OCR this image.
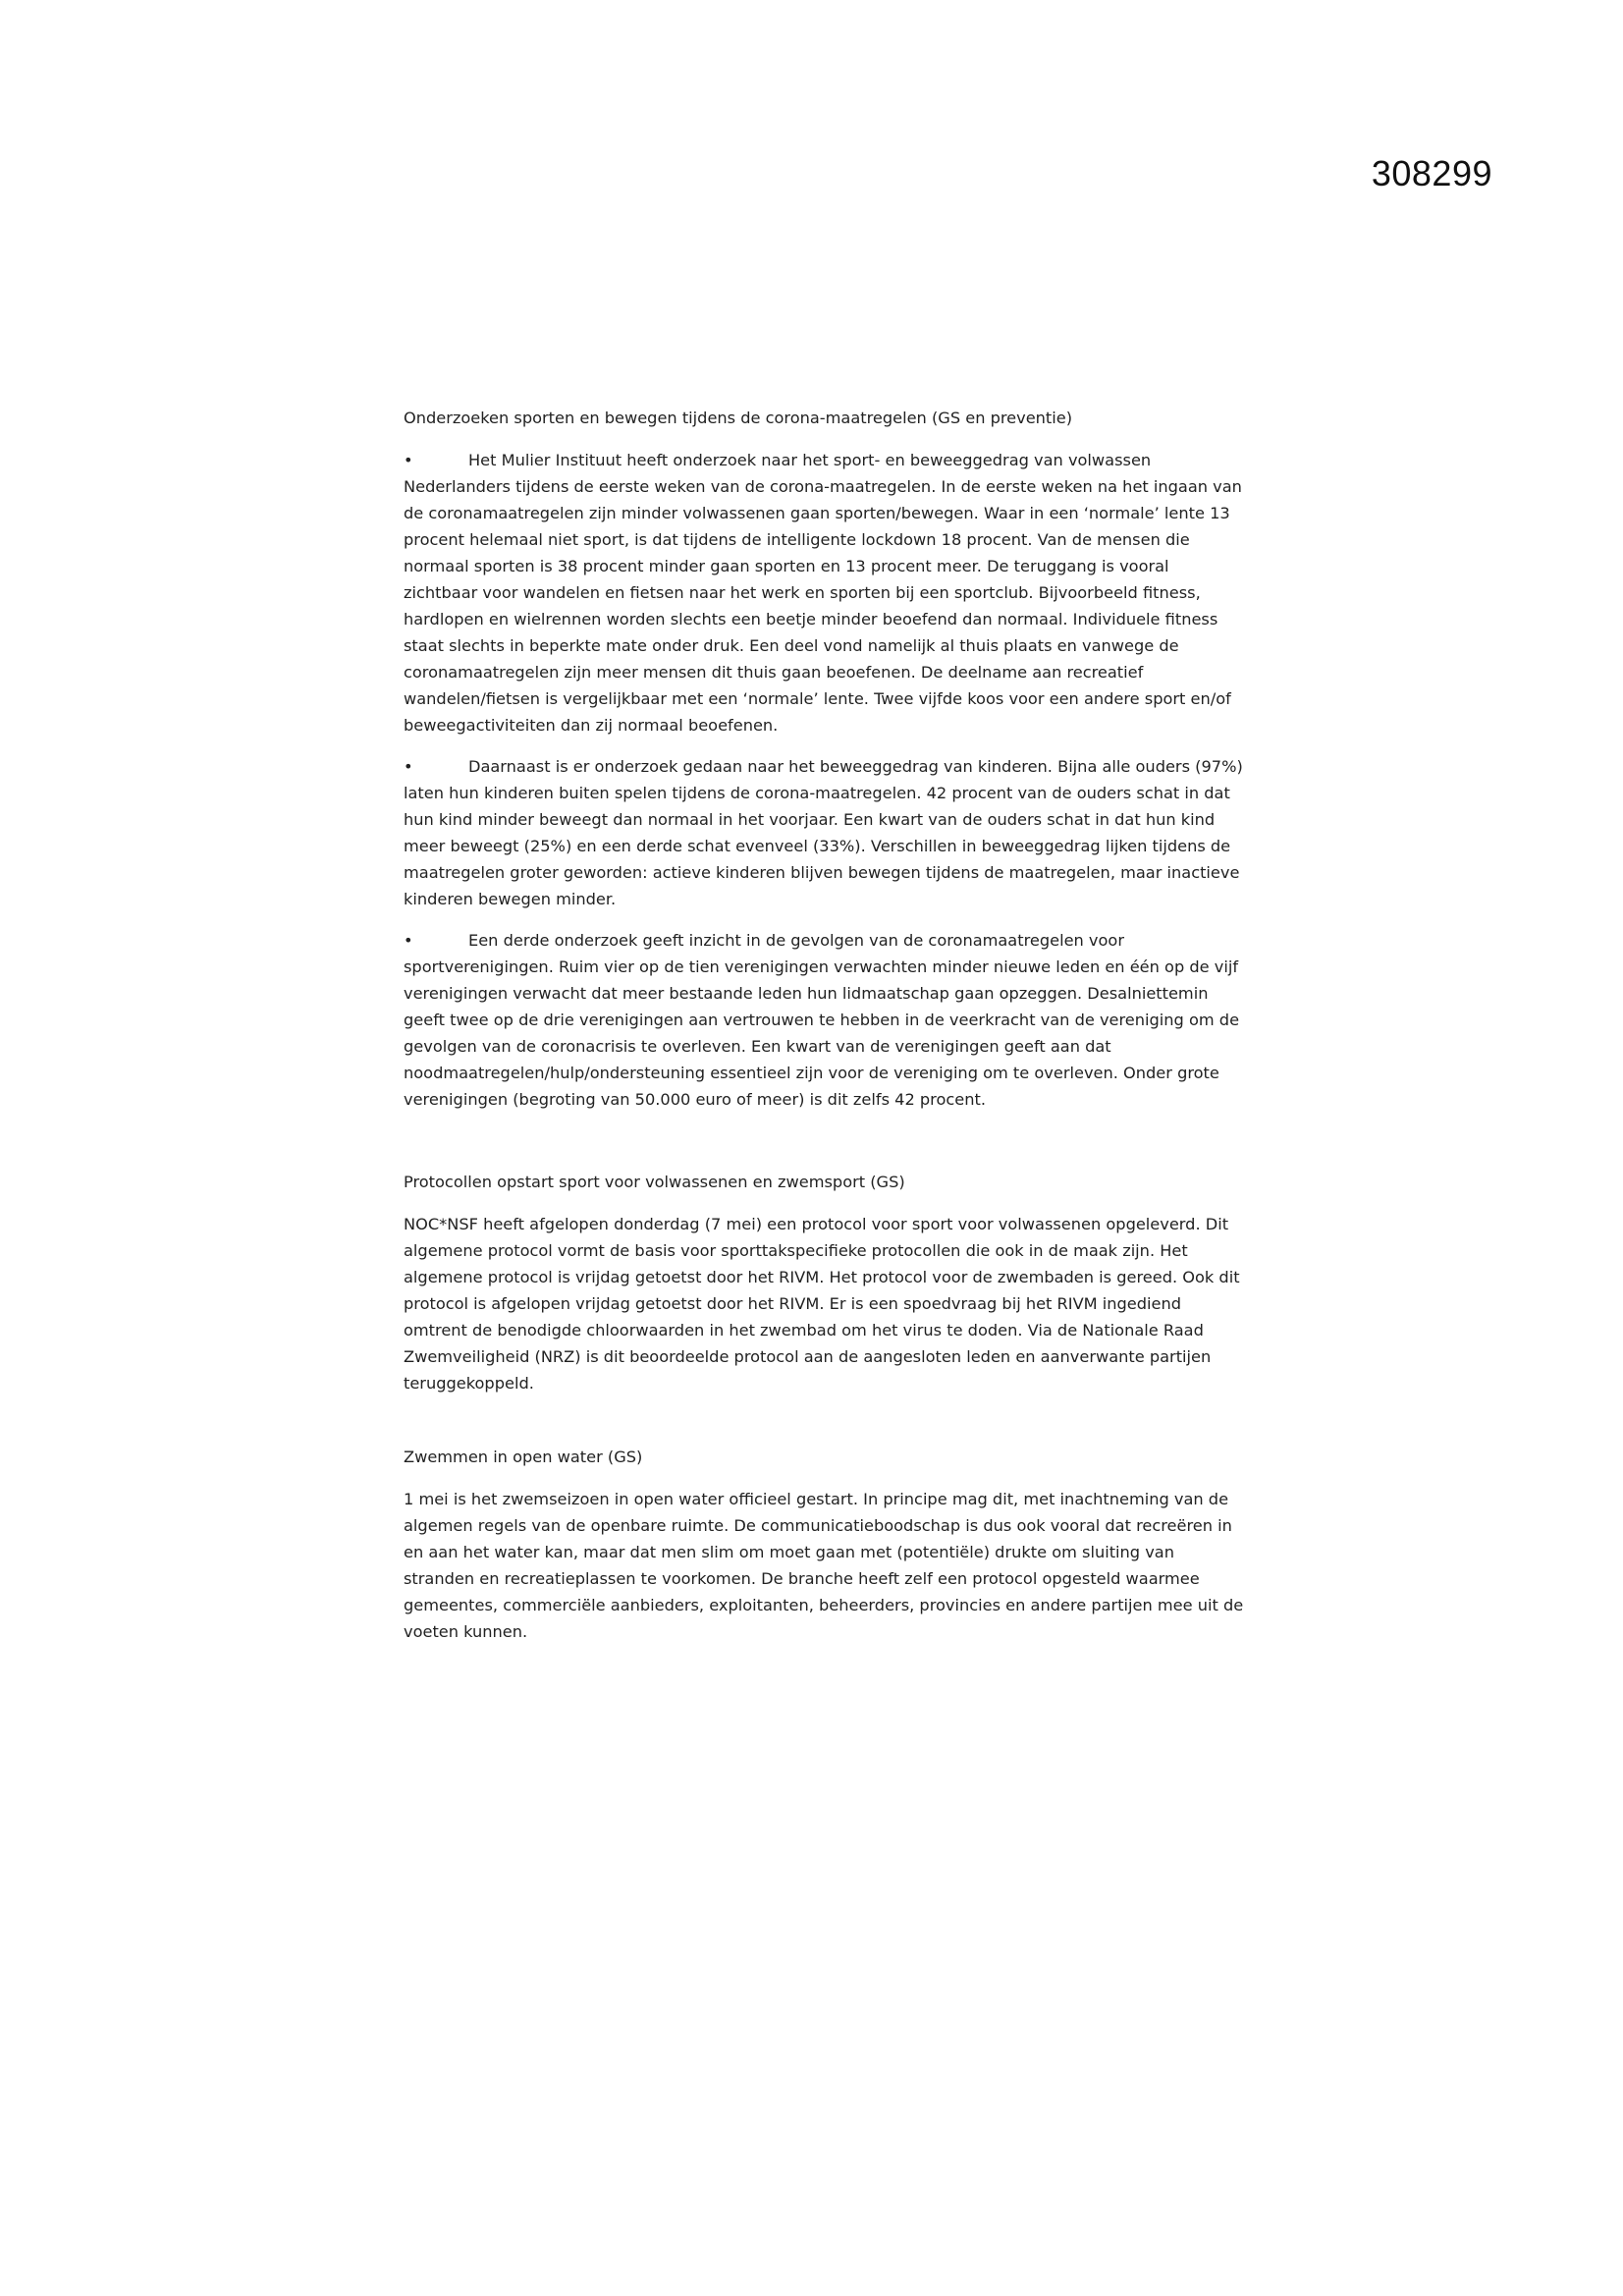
308299

Onderzoeken sporten en bewegen tijdens de corona-maatregelen (GS en preventie)

•	Het Mulier Instituut heeft onderzoek naar het sport- en beweeggedrag van volwassen Nederlanders tijdens de eerste weken van de corona-maatregelen. In de eerste weken na het ingaan van de coronamaatregelen zijn minder volwassenen gaan sporten/bewegen. Waar in een ‘normale’ lente 13 procent helemaal niet sport, is dat tijdens de intelligente lockdown 18 procent. Van de mensen die normaal sporten is 38 procent minder gaan sporten en 13 procent meer. De teruggang is vooral zichtbaar voor wandelen en fietsen naar het werk en sporten bij een sportclub. Bijvoorbeeld fitness, hardlopen en wielrennen worden slechts een beetje minder beoefend dan normaal. Individuele fitness staat slechts in beperkte mate onder druk. Een deel vond namelijk al thuis plaats en vanwege de coronamaatregelen zijn meer mensen dit thuis gaan beoefenen. De deelname aan recreatief wandelen/fietsen is vergelijkbaar met een ‘normale’ lente. Twee vijfde koos voor een andere sport en/of beweegactiviteiten dan zij normaal beoefenen.
•	Daarnaast is er onderzoek gedaan naar het beweeggedrag van kinderen. Bijna alle ouders (97%) laten hun kinderen buiten spelen tijdens de corona-maatregelen. 42 procent van de ouders schat in dat hun kind minder beweegt dan normaal in het voorjaar. Een kwart van de ouders schat in dat hun kind meer beweegt (25%) en een derde schat evenveel (33%). Verschillen in beweeggedrag lijken tijdens de maatregelen groter geworden: actieve kinderen blijven bewegen tijdens de maatregelen, maar inactieve kinderen bewegen minder.
•	Een derde onderzoek geeft inzicht in de gevolgen van de coronamaatregelen voor sportverenigingen. Ruim vier op de tien verenigingen verwachten minder nieuwe leden en één op de vijf verenigingen verwacht dat meer bestaande leden hun lidmaatschap gaan opzeggen. Desalniettemin geeft twee op de drie verenigingen aan vertrouwen te hebben in de veerkracht van de vereniging om de gevolgen van de coronacrisis te overleven. Een kwart van de verenigingen geeft aan dat noodmaatregelen/hulp/ondersteuning essentieel zijn voor de vereniging om te overleven. Onder grote verenigingen (begroting van 50.000 euro of meer) is dit zelfs 42 procent.

Protocollen opstart sport voor volwassenen en zwemsport (GS)

NOC*NSF heeft afgelopen donderdag (7 mei) een protocol voor sport voor volwassenen opgeleverd. Dit algemene protocol vormt de basis voor sporttakspecifieke protocollen die ook in de maak zijn. Het algemene protocol is vrijdag getoetst door het RIVM. Het protocol voor de zwembaden is gereed. Ook dit protocol is afgelopen vrijdag getoetst door het RIVM. Er is een spoedvraag bij het RIVM ingediend omtrent de benodigde chloorwaarden in het zwembad om het virus te doden. Via de Nationale Raad Zwemveiligheid (NRZ) is dit beoordeelde protocol aan de aangesloten leden en aanverwante partijen teruggekoppeld.

Zwemmen in open water (GS)

1 mei is het zwemseizoen in open water officieel gestart. In principe mag dit, met inachtneming van de algemen regels van de openbare ruimte. De communicatieboodschap is dus ook vooral dat recreëren in en aan het water kan, maar dat men slim om moet gaan met (potentiële) drukte om sluiting van stranden en recreatieplassen te voorkomen. De branche heeft zelf een protocol opgesteld waarmee gemeentes, commerciële aanbieders, exploitanten, beheerders, provincies en andere partijen mee uit de voeten kunnen.
